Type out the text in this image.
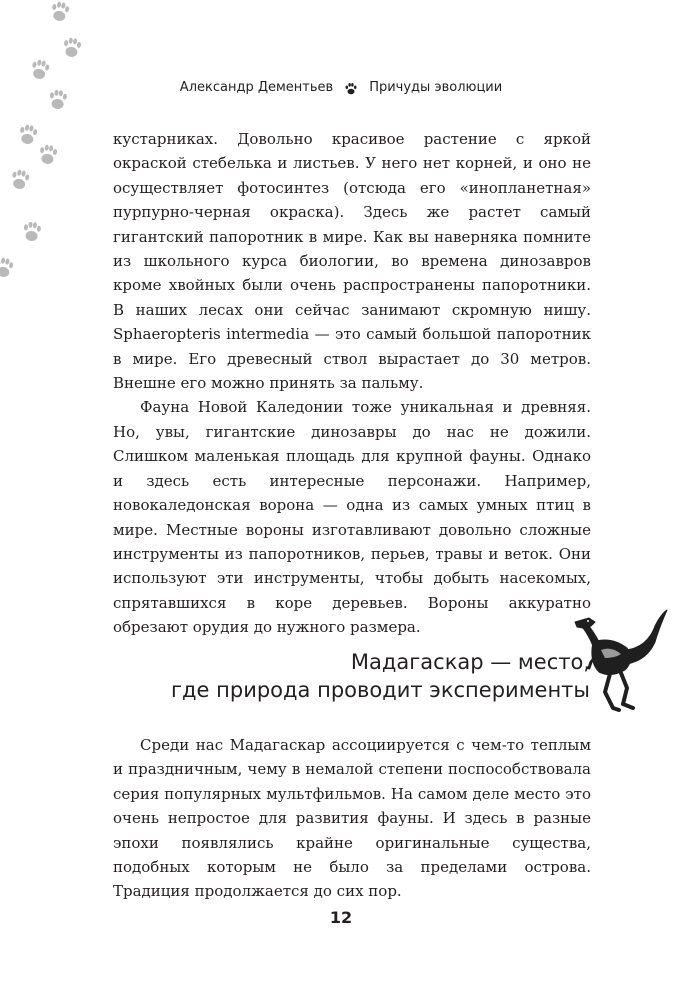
Александр Дементьев	Причуды эволюции

кустарниках. Довольно красивое растение с яркой окраской стебелька и листьев. У него нет корней, и оно не осуществляет фотосинтез (отсюда его «инопланетная» пурпурно-черная окраска). Здесь же растет самый гигантский папоротник в мире. Как вы наверняка помните из школьного курса биологии, во времена динозавров кроме хвойных были очень распространены папоротники. В наших лесах они сейчас занимают скромную нишу. Sphaeropteris intermedia — это самый большой папоротник в мире. Его древесный ствол вырастает до 30 метров. Внешне его можно принять за пальму.

Фауна Новой Каледонии тоже уникальная и древняя. Но, увы, гигантские динозавры до нас не дожили. Слишком маленькая площадь для крупной фауны. Однако и здесь есть интересные персонажи. Например, новокаледонская ворона — одна из самых умных птиц в мире. Местные вороны изготавливают довольно сложные инструменты из папоротников, перьев, травы и веток. Они используют эти инструменты, чтобы добыть насекомых, спрятавшихся в коре деревьев. Вороны аккуратно обрезают орудия до нужного размера.

Мадагаскар — место,
где природа проводит эксперименты

Среди нас Мадагаскар ассоциируется с чем-то теплым и праздничным, чему в немалой степени поспособствовала серия популярных мультфильмов. На самом деле место это очень непростое для развития фауны. И здесь в разные эпохи появлялись крайне оригинальные существа, подобных которым не было за пределами острова. Традиция продолжается до сих пор.

12
